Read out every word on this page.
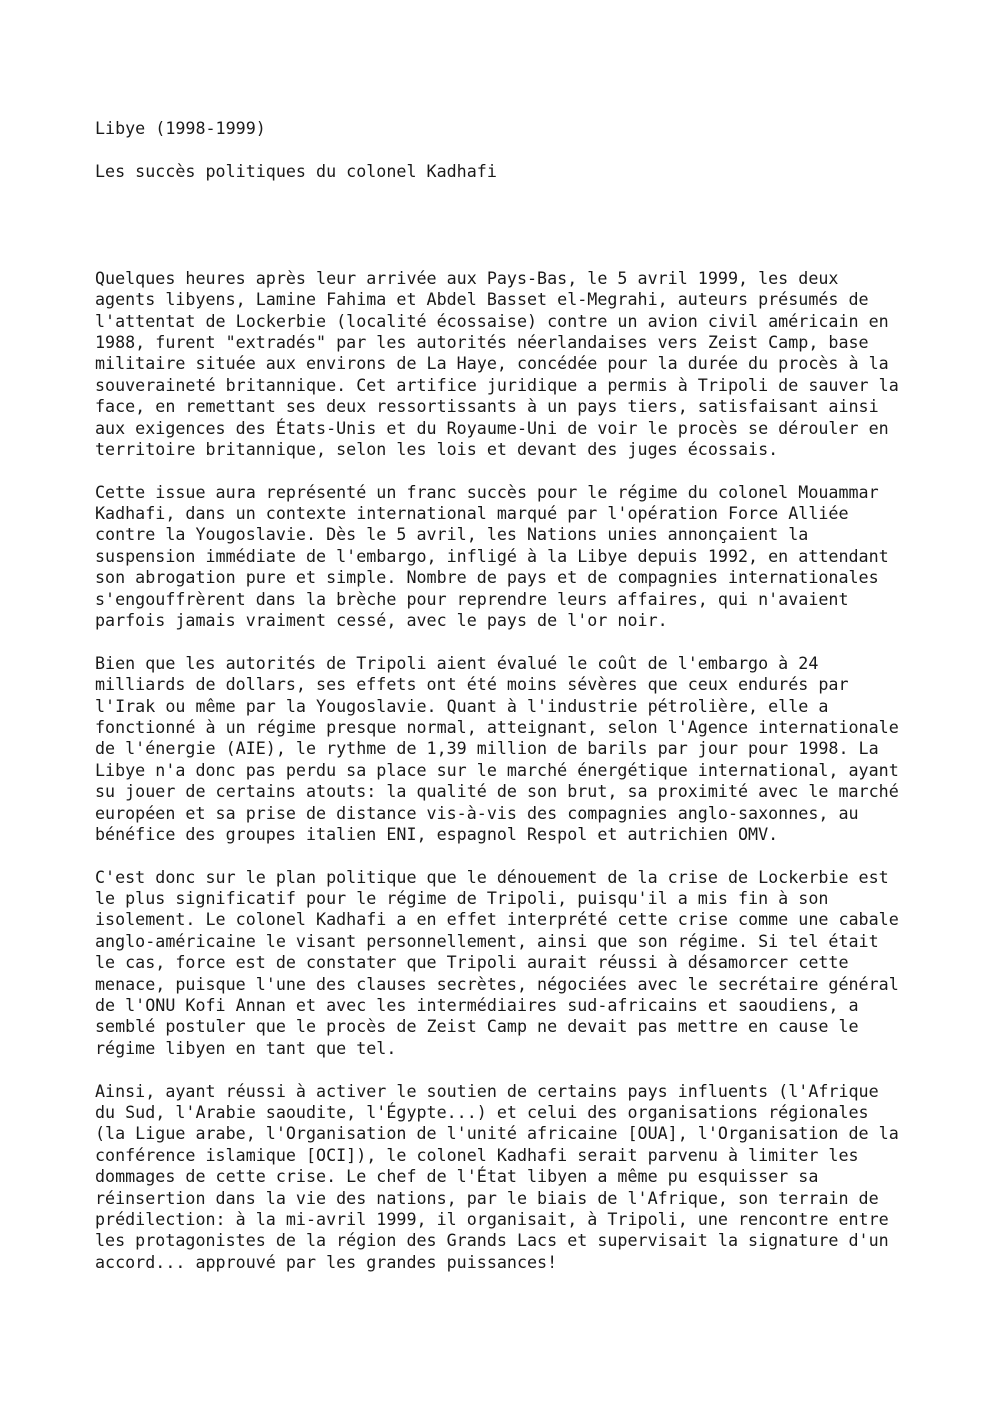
Libye (1998-1999)
Les succès politiques du colonel Kadhafi
Quelques heures après leur arrivée aux Pays-Bas, le 5 avril 1999, les deux
agents libyens, Lamine Fahima et Abdel Basset el-Megrahi, auteurs présumés de
l'attentat de Lockerbie (localité écossaise) contre un avion civil américain en
1988, furent "extradés" par les autorités néerlandaises vers Zeist Camp, base
militaire située aux environs de La Haye, concédée pour la durée du procès à la
souveraineté britannique. Cet artifice juridique a permis à Tripoli de sauver la
face, en remettant ses deux ressortissants à un pays tiers, satisfaisant ainsi
aux exigences des États-Unis et du Royaume-Uni de voir le procès se dérouler en
territoire britannique, selon les lois et devant des juges écossais.
Cette issue aura représenté un franc succès pour le régime du colonel Mouammar
Kadhafi, dans un contexte international marqué par l'opération Force Alliée
contre la Yougoslavie. Dès le 5 avril, les Nations unies annonçaient la
suspension immédiate de l'embargo, infligé à la Libye depuis 1992, en attendant
son abrogation pure et simple. Nombre de pays et de compagnies internationales
s'engouffrèrent dans la brèche pour reprendre leurs affaires, qui n'avaient
parfois jamais vraiment cessé, avec le pays de l'or noir.
Bien que les autorités de Tripoli aient évalué le coût de l'embargo à 24
milliards de dollars, ses effets ont été moins sévères que ceux endurés par
l'Irak ou même par la Yougoslavie. Quant à l'industrie pétrolière, elle a
fonctionné à un régime presque normal, atteignant, selon l'Agence internationale
de l'énergie (AIE), le rythme de 1,39 million de barils par jour pour 1998. La
Libye n'a donc pas perdu sa place sur le marché énergétique international, ayant
su jouer de certains atouts: la qualité de son brut, sa proximité avec le marché
européen et sa prise de distance vis-à-vis des compagnies anglo-saxonnes, au
bénéfice des groupes italien ENI, espagnol Respol et autrichien OMV.
C'est donc sur le plan politique que le dénouement de la crise de Lockerbie est
le plus significatif pour le régime de Tripoli, puisqu'il a mis fin à son
isolement. Le colonel Kadhafi a en effet interprété cette crise comme une cabale
anglo-américaine le visant personnellement, ainsi que son régime. Si tel était
le cas, force est de constater que Tripoli aurait réussi à désamorcer cette
menace, puisque l'une des clauses secrètes, négociées avec le secrétaire général
de l'ONU Kofi Annan et avec les intermédiaires sud-africains et saoudiens, a
semblé postuler que le procès de Zeist Camp ne devait pas mettre en cause le
régime libyen en tant que tel.
Ainsi, ayant réussi à activer le soutien de certains pays influents (l'Afrique
du Sud, l'Arabie saoudite, l'Égypte...) et celui des organisations régionales
(la Ligue arabe, l'Organisation de l'unité africaine [OUA], l'Organisation de la
conférence islamique [OCI]), le colonel Kadhafi serait parvenu à limiter les
dommages de cette crise. Le chef de l'État libyen a même pu esquisser sa
réinsertion dans la vie des nations, par le biais de l'Afrique, son terrain de
prédilection: à la mi-avril 1999, il organisait, à Tripoli, une rencontre entre
les protagonistes de la région des Grands Lacs et supervisait la signature d'un
accord... approuvé par les grandes puissances!
